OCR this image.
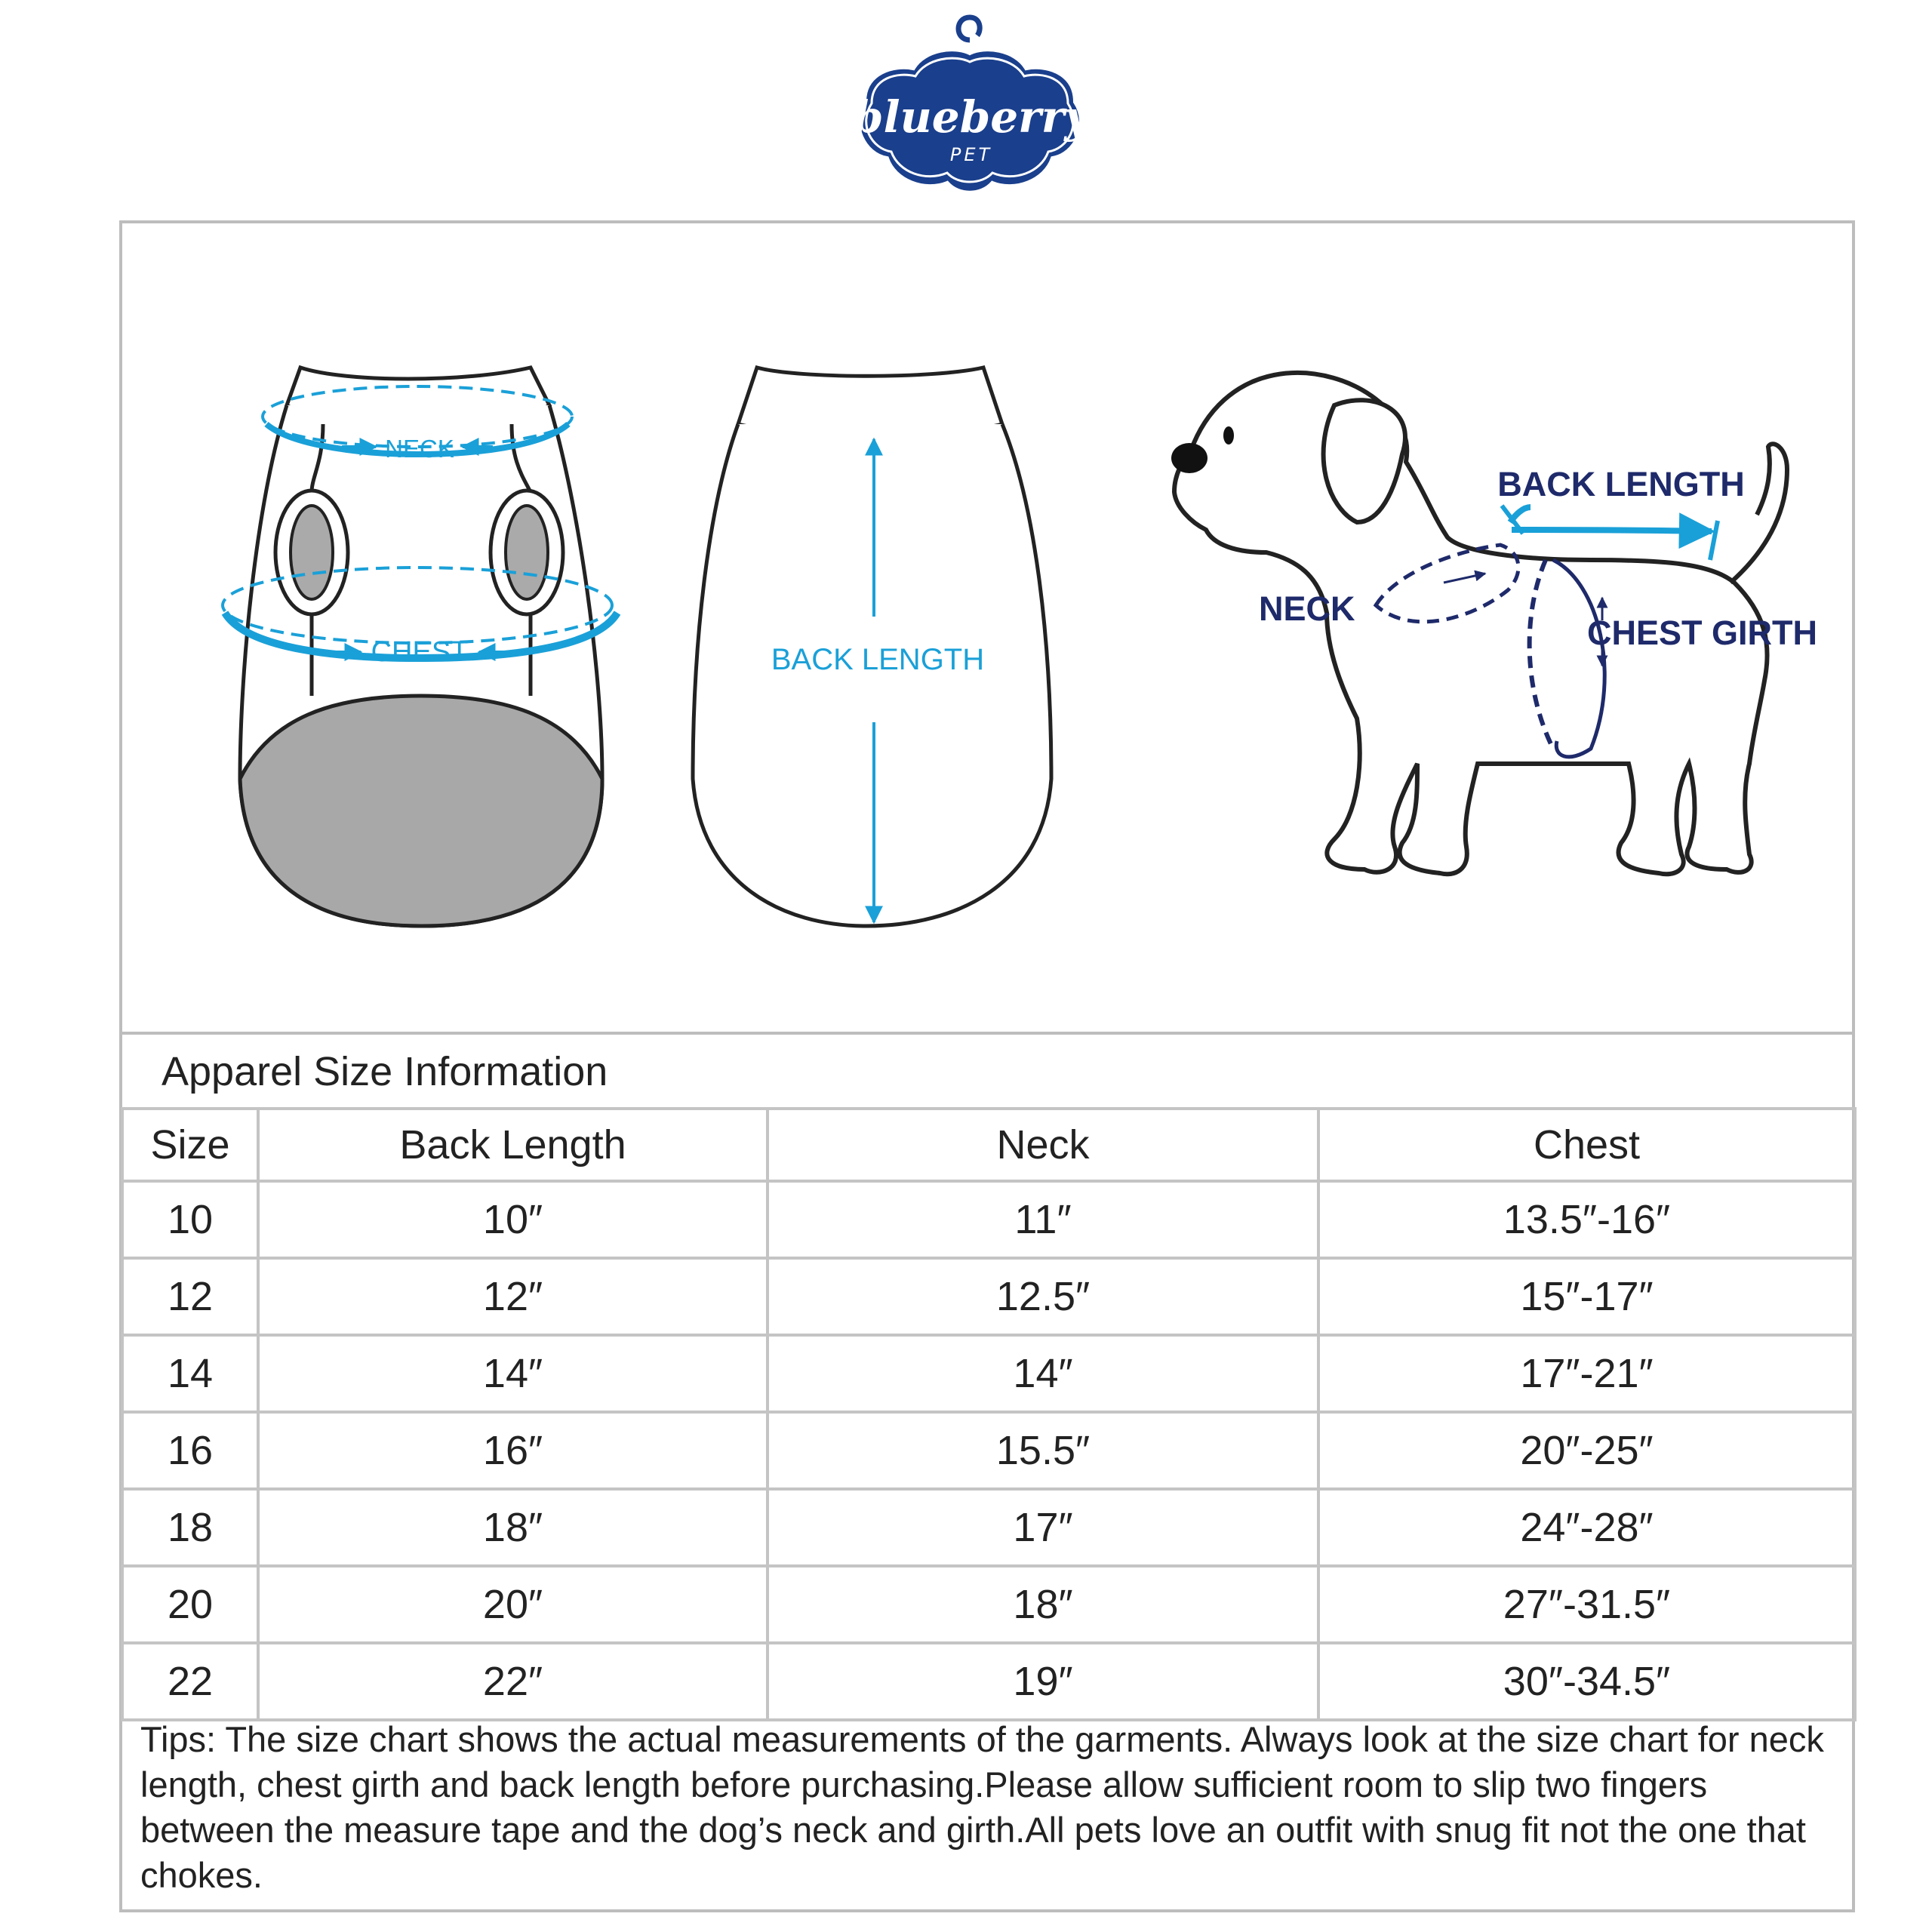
blueberry
PET
NECK
CHEST	BACK LENGTH
BACK LENGTH
NECK
CHEST GIRTH
Apparel Size Information
Size	Back Length	Neck	Chest
10	10″	11″	13.5″-16″
12	12″	12.5″	15″-17″
14	14″	14″	17″-21″
16	16″	15.5″	20″-25″
18	18″	17″	24″-28″
20	20″	18″	27″-31.5″
22	22″	19″	30″-34.5″

Tips: The size chart shows the actual measurements of the garments. Always look at the size chart for neck length, chest girth and back length before purchasing.Please allow sufficient room to slip two fingers between the measure tape and the dog’s neck and girth.All pets love an outfit with snug fit not the one that chokes.
